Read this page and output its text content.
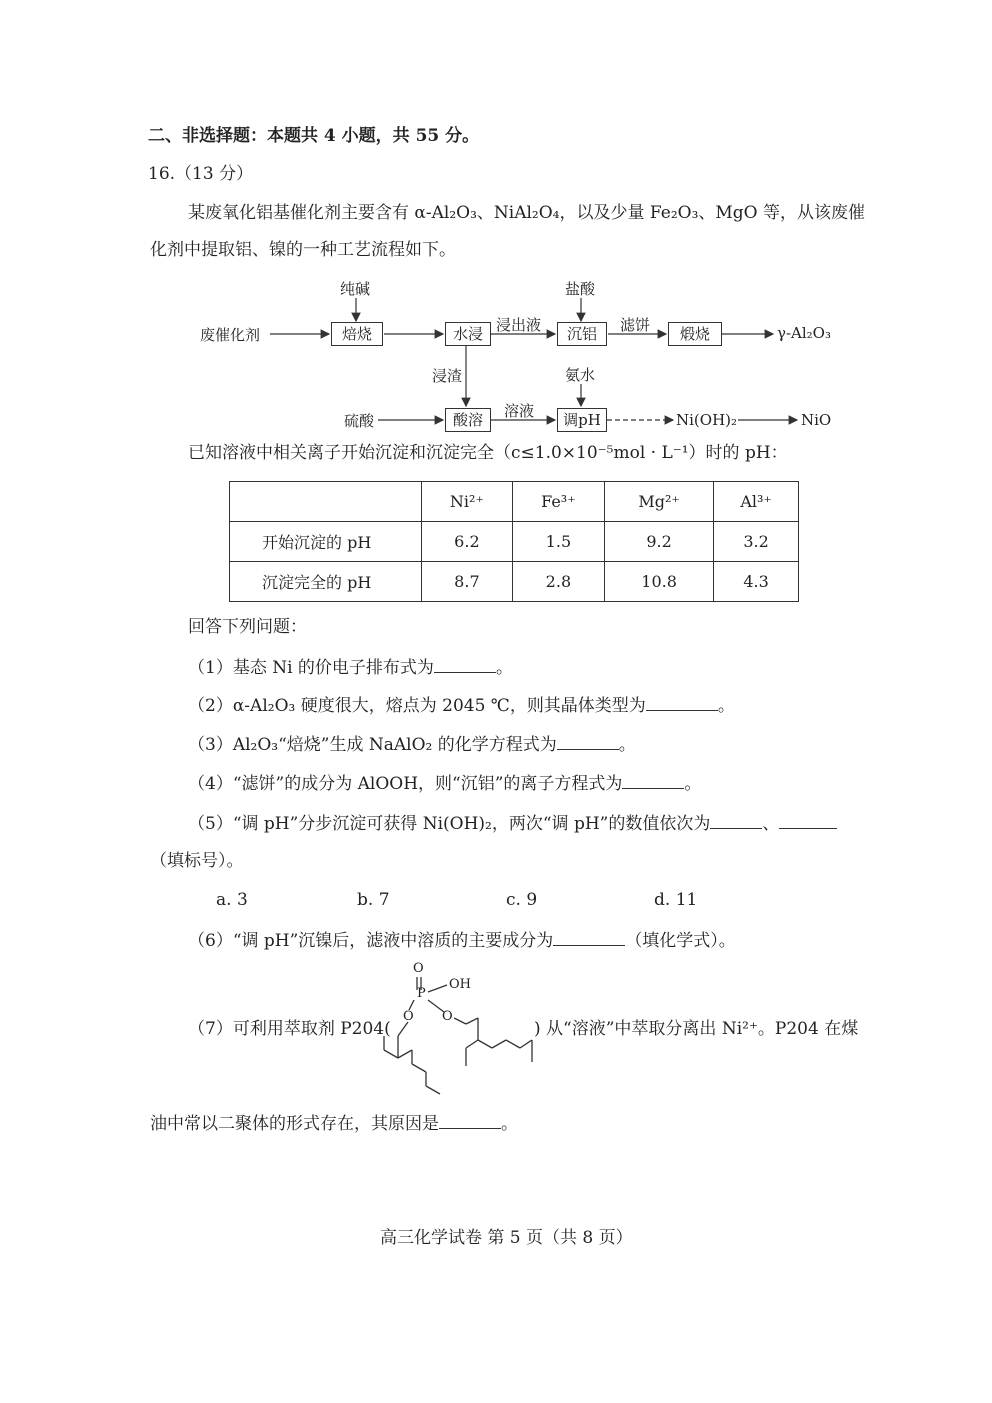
二、非选择题：本题共 4 小题，共 55 分。
16.（13 分）
某废氧化铝基催化剂主要含有 α-Al₂O₃、NiAl₂O₄，以及少量 Fe₂O₃、MgO 等，从该废催
化剂中提取铝、镍的一种工艺流程如下。
废催化剂	焙烧
纯碱
水浸 浸出液
盐酸
沉铝	滤饼	煅烧	γ-Al₂O₃
浸渣	氨水
硫酸	酸溶	溶液	调pH	Ni(OH)₂	NiO
已知溶液中相关离子开始沉淀和沉淀完全（c≤1.0×10⁻⁵mol · L⁻¹）时的 pH：
	Ni²⁺	Fe³⁺	Mg²⁺	Al³⁺
开始沉淀的 pH	6.2	1.5	9.2	3.2
沉淀完全的 pH	8.7	2.8	10.8	4.3
回答下列问题：
（1）基态 Ni 的价电子排布式为	。
（2）α-Al₂O₃ 硬度很大，熔点为 2045 ℃，则其晶体类型为	。
（3）Al₂O₃“焙烧”生成 NaAlO₂ 的化学方程式为	。
（4）“滤饼”的成分为 AlOOH，则“沉铝”的离子方程式为	。
（5）“调 pH”分步沉淀可获得 Ni(OH)₂，两次“调 pH”的数值依次为	、
（填标号）。
a. 3	b. 7	c. 9	d. 11
（6）“调 pH”沉镍后，滤液中溶质的主要成分为	（填化学式）。
（7）可利用萃取剂 P204(	) 从“溶液”中萃取分离出 Ni²⁺。P204 在煤
O
P
OH
O O
油中常以二聚体的形式存在，其原因是	。
高三化学试卷 第 5 页（共 8 页）
